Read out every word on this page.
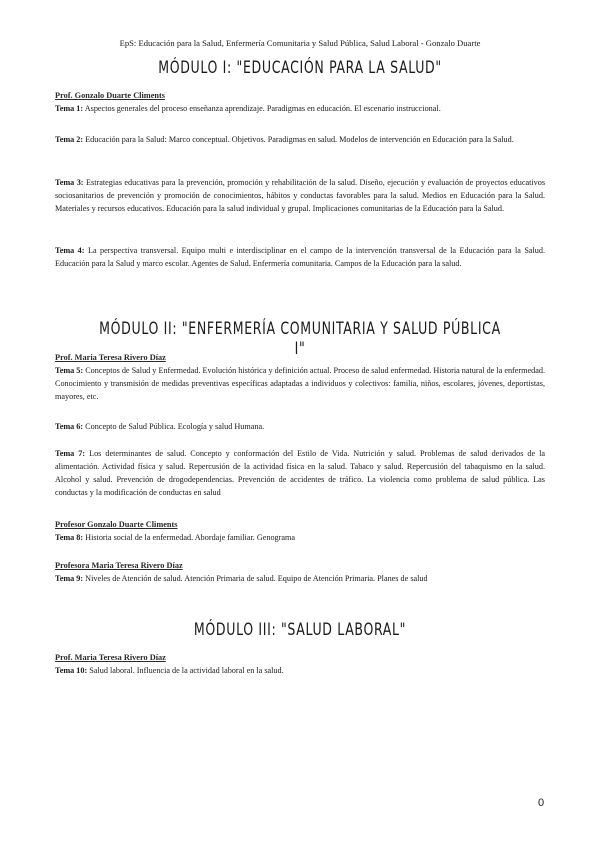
EpS: Educación para la Salud, Enfermería Comunitaria y Salud Pública, Salud Laboral - Gonzalo Duarte
MÓDULO I: "EDUCACIÓN PARA LA SALUD"
Prof. Gonzalo Duarte Climents
Tema 1: Aspectos generales del proceso enseñanza aprendizaje. Paradigmas en educación. El escenario instruccional.
Tema 2: Educación para la Salud: Marco conceptual. Objetivos. Paradigmas en salud. Modelos de intervención en Educación para la Salud.
Tema 3: Estrategias educativas para la prevención, promoción y rehabilitación de la salud. Diseño, ejecución y evaluación de proyectos educativos sociosanitarios de prevención y promoción de conocimientos, hábitos y conductas favorables para la salud. Medios en Educación para la Salud. Materiales y recursos educativos. Educación para la salud individual y grupal. Implicaciones comunitarias de la Educación para la Salud.
Tema 4: La perspectiva transversal. Equipo multi e interdisciplinar en el campo de la intervención transversal de la Educación para la Salud. Educación para la Salud y marco escolar. Agentes de Salud. Enfermería comunitaria. Campos de la Educación para la salud.
MÓDULO II: "ENFERMERÍA COMUNITARIA Y SALUD PÚBLICA I"
Prof. Maria Teresa Rivero Díaz
Tema 5: Conceptos de Salud y Enfermedad. Evolución histórica y definición actual. Proceso de salud enfermedad. Historia natural de la enfermedad. Conocimiento y transmisión de medidas preventivas específicas adaptadas a individuos y colectivos: familia, niños, escolares, jóvenes, deportistas, mayores, etc.
Tema 6: Concepto de Salud Pública. Ecología y salud Humana.
Tema 7: Los determinantes de salud. Concepto y conformación del Estilo de Vida. Nutrición y salud. Problemas de salud derivados de la alimentación. Actividad física y salud. Repercusión de la actividad física en la salud. Tabaco y salud. Repercusión del tabaquismo en la salud. Alcohol y salud. Prevención de drogodependencias. Prevención de accidentes de tráfico. La violencia como problema de salud pública. Las conductas y la modificación de conductas en salud
Profesor Gonzalo Duarte Climents
Tema 8: Historia social de la enfermedad. Abordaje familiar. Genograma
Profesora Maria Teresa Rivero Díaz
Tema 9: Niveles de Atención de salud. Atención Primaria de salud. Equipo de Atención Primaria. Planes de salud
MÓDULO III: "SALUD LABORAL"
Prof. Maria Teresa Rivero Díaz
Tema 10: Salud laboral. Influencia de la actividad laboral en la salud.
0
